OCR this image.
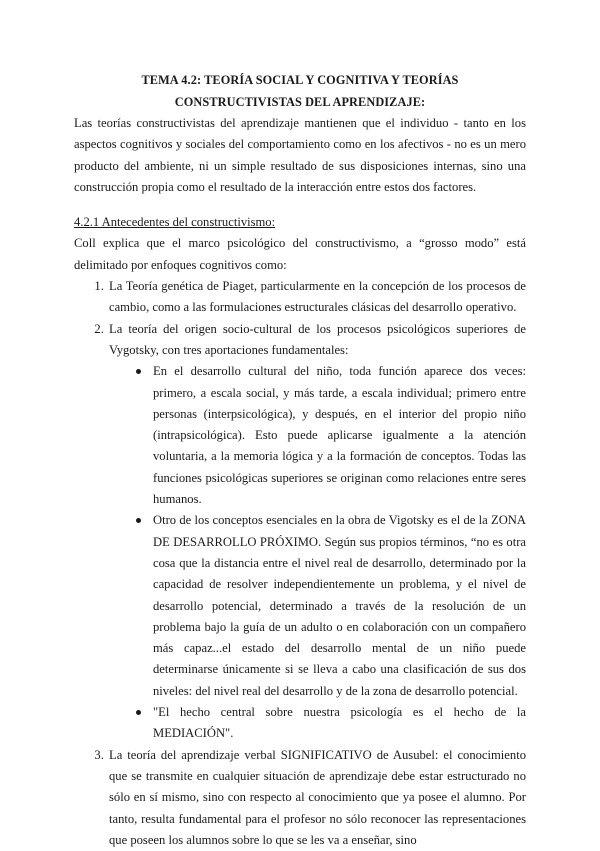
TEMA 4.2: TEORÍA SOCIAL Y COGNITIVA Y TEORÍAS
CONSTRUCTIVISTAS DEL APRENDIZAJE:

Las teorías constructivistas del aprendizaje mantienen que el individuo - tanto en los aspectos cognitivos y sociales del comportamiento como en los afectivos - no es un mero producto del ambiente, ni un simple resultado de sus disposiciones internas, sino una construcción propia como el resultado de la interacción entre estos dos factores.

4.2.1 Antecedentes del constructivismo:

Coll explica que el marco psicológico del constructivismo, a “grosso modo” está delimitado por enfoques cognitivos como:

1. La Teoría genética de Piaget, particularmente en la concepción de los procesos de cambio, como a las formulaciones estructurales clásicas del desarrollo operativo.
2. La teoría del origen socio-cultural de los procesos psicológicos superiores de Vygotsky, con tres aportaciones fundamentales:
En el desarrollo cultural del niño, toda función aparece dos veces: primero, a escala social, y más tarde, a escala individual; primero entre personas (interpsicológica), y después, en el interior del propio niño (intrapsicológica). Esto puede aplicarse igualmente a la atención voluntaria, a la memoria lógica y a la formación de conceptos. Todas las funciones psicológicas superiores se originan como relaciones entre seres humanos.
Otro de los conceptos esenciales en la obra de Vigotsky es el de la ZONA DE DESARROLLO PRÓXIMO. Según sus propios términos, “no es otra cosa que la distancia entre el nivel real de desarrollo, determinado por la capacidad de resolver independientemente un problema, y el nivel de desarrollo potencial, determinado a través de la resolución de un problema bajo la guía de un adulto o en colaboración con un compañero más capaz...el estado del desarrollo mental de un niño puede determinarse únicamente si se lleva a cabo una clasificación de sus dos niveles: del nivel real del desarrollo y de la zona de desarrollo potencial.
"El hecho central sobre nuestra psicología es el hecho de la MEDIACIÓN".
3. La teoría del aprendizaje verbal SIGNIFICATIVO de Ausubel: el conocimiento que se transmite en cualquier situación de aprendizaje debe estar estructurado no sólo en sí mismo, sino con respecto al conocimiento que ya posee el alumno. Por tanto, resulta fundamental para el profesor no sólo reconocer las representaciones que poseen los alumnos sobre lo que se les va a enseñar, sino
